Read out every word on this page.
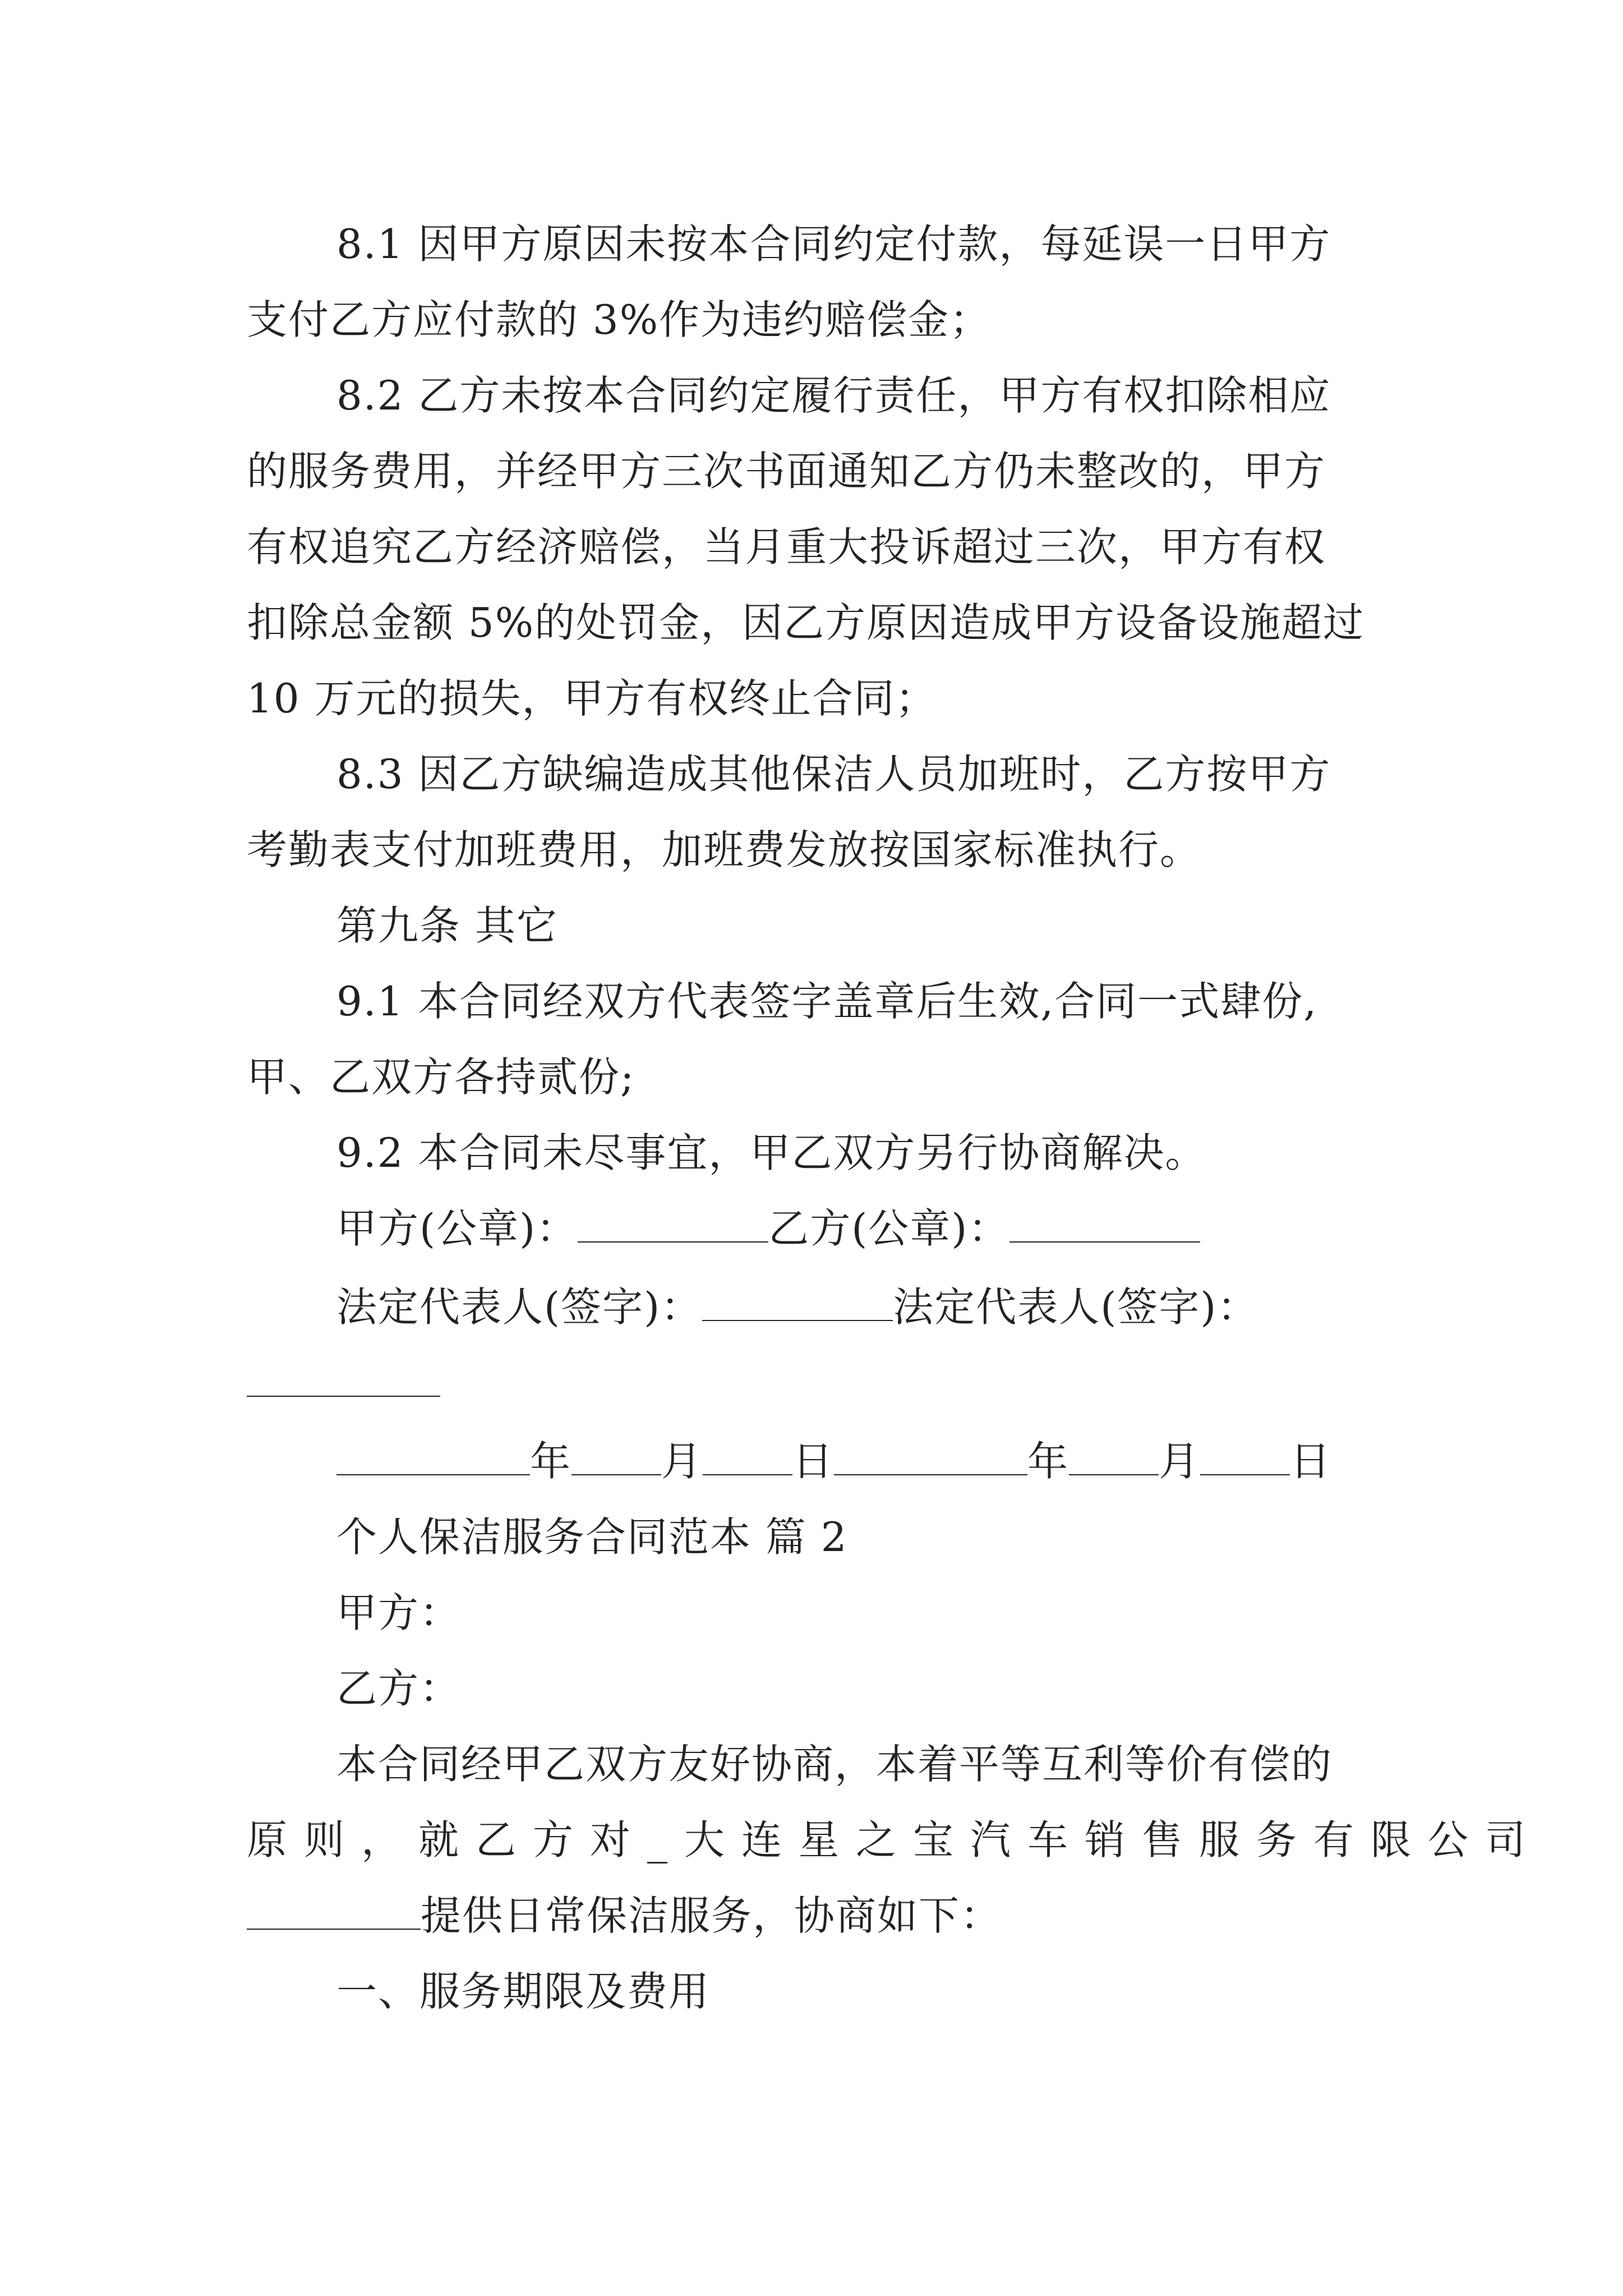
8.1 因甲方原因未按本合同约定付款，每延误一日甲方
支付乙方应付款的 3%作为违约赔偿金；
8.2 乙方未按本合同约定履行责任，甲方有权扣除相应
的服务费用，并经甲方三次书面通知乙方仍未整改的，甲方
有权追究乙方经济赔偿，当月重大投诉超过三次，甲方有权
扣除总金额 5%的处罚金，因乙方原因造成甲方设备设施超过
10 万元的损失，甲方有权终止合同；
8.3 因乙方缺编造成其他保洁人员加班时，乙方按甲方
考勤表支付加班费用，加班费发放按国家标准执行。
第九条 其它
9.1 本合同经双方代表签字盖章后生效,合同一式肆份,
甲、乙双方各持贰份;
9.2 本合同未尽事宜，甲乙双方另行协商解决。
甲方(公章)：	乙方(公章)：
法定代表人(签字)：	法定代表人(签字)：
年 月 日	年 月 日
个人保洁服务合同范本 篇 2
甲方：
乙方：
本合同经甲乙双方友好协商，本着平等互利等价有偿的
原则，就乙方对_大连星之宝汽车销售服务有限公司
提供日常保洁服务，协商如下：
一、服务期限及费用
